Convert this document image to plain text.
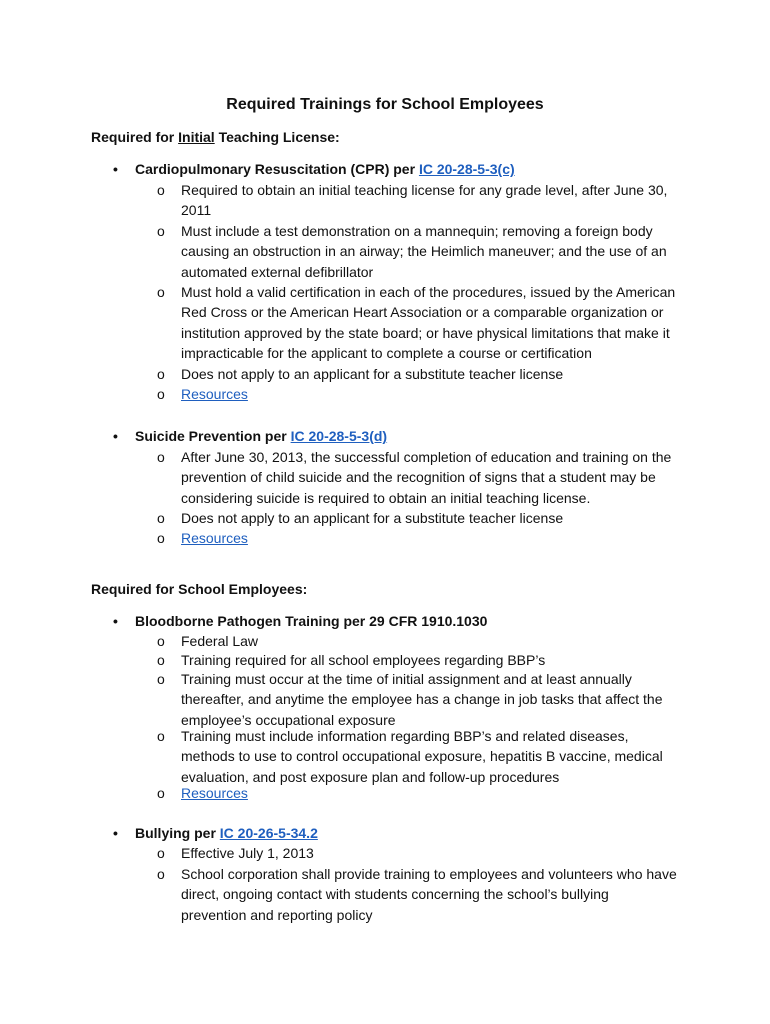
Required Trainings for School Employees
Required for Initial Teaching License:
• Cardiopulmonary Resuscitation (CPR) per IC 20-28-5-3(c)
o	Required to obtain an initial teaching license for any grade level, after June 30, 2011
o	Must include a test demonstration on a mannequin; removing a foreign body causing an obstruction in an airway; the Heimlich maneuver; and the use of an automated external defibrillator
o	Must hold a valid certification in each of the procedures, issued by the American Red Cross or the American Heart Association or a comparable organization or institution approved by the state board; or have physical limitations that make it impracticable for the applicant to complete a course or certification
o	Does not apply to an applicant for a substitute teacher license
o	Resources
• Suicide Prevention per IC 20-28-5-3(d)
o	After June 30, 2013, the successful completion of education and training on the prevention of child suicide and the recognition of signs that a student may be considering suicide is required to obtain an initial teaching license.
o	Does not apply to an applicant for a substitute teacher license
o	Resources
Required for School Employees:
• Bloodborne Pathogen Training per 29 CFR 1910.1030
o	Federal Law
o	Training required for all school employees regarding BBP’s
o	Training must occur at the time of initial assignment and at least annually thereafter, and anytime the employee has a change in job tasks that affect the employee’s occupational exposure
o	Training must include information regarding BBP’s and related diseases, methods to use to control occupational exposure, hepatitis B vaccine, medical evaluation, and post exposure plan and follow-up procedures
o	Resources
• Bullying per IC 20-26-5-34.2
o	Effective July 1, 2013
o	School corporation shall provide training to employees and volunteers who have direct, ongoing contact with students concerning the school’s bullying prevention and reporting policy
